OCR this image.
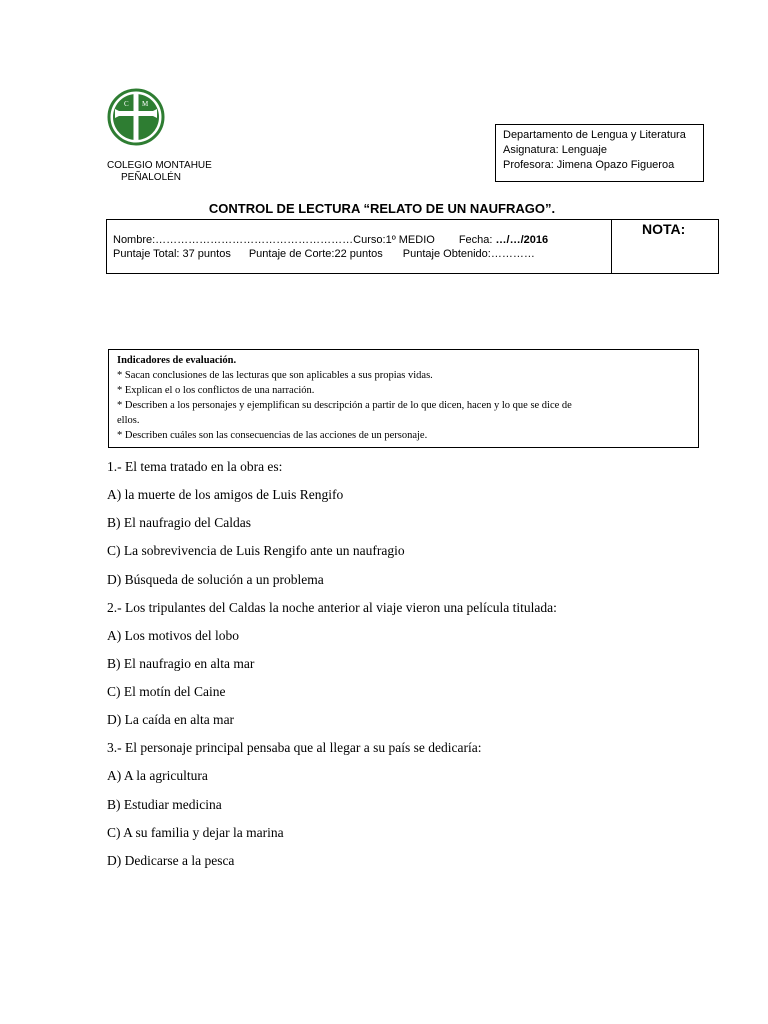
C M
COLEGIO MONTAHUE
PEÑALOLÉN
Departamento de Lengua y Literatura
Asignatura: Lenguaje
Profesora: Jimena Opazo Figueroa
CONTROL DE LECTURA “RELATO DE UN NAUFRAGO”.
Nombre:………………………………………………Curso:1º MEDIO Fecha: …/…/2016
Puntaje Total: 37 puntos Puntaje de Corte:22 puntos Puntaje Obtenido:…………
NOTA:
Indicadores de evaluación.
* Sacan conclusiones de las lecturas que son aplicables a sus propias vidas.
* Explican el o los conflictos de una narración.
* Describen a los personajes y ejemplifican su descripción a partir de lo que dicen, hacen y lo que se dice de
ellos.
* Describen cuáles son las consecuencias de las acciones de un personaje.
1.- El tema tratado en la obra es:
A) la muerte de los amigos de Luis Rengifo
B) El naufragio del Caldas
C) La sobrevivencia de Luis Rengifo ante un naufragio
D) Búsqueda de solución a un problema
2.- Los tripulantes del Caldas la noche anterior al viaje vieron una película titulada:
A) Los motivos del lobo
B) El naufragio en alta mar
C) El motín del Caine
D) La caída en alta mar
3.- El personaje principal pensaba que al llegar a su país se dedicaría:
A) A la agricultura
B) Estudiar medicina
C) A su familia y dejar la marina
D) Dedicarse a la pesca
